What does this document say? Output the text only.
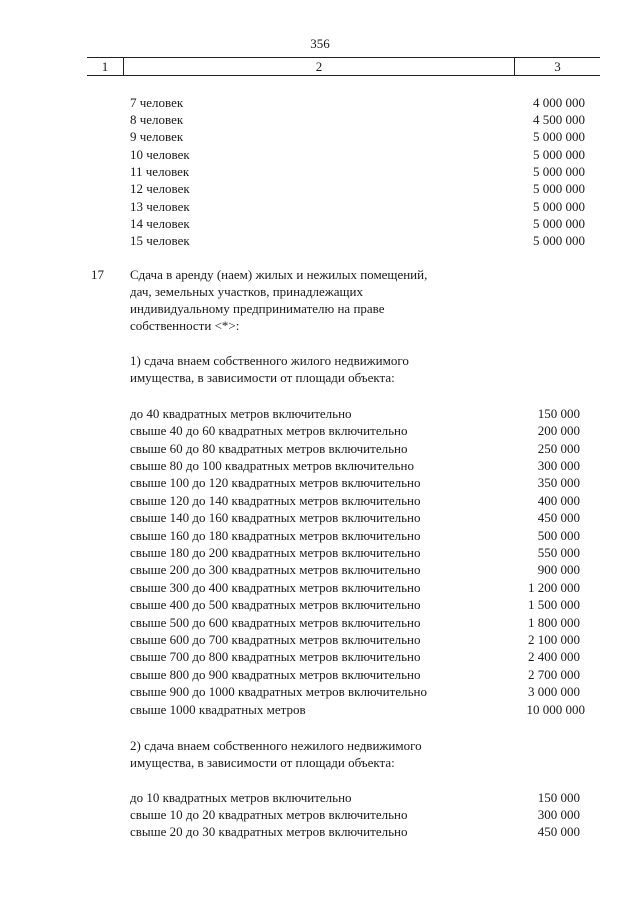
356
1	2	3
7 человек	4 000 000
8 человек	4 500 000
9 человек	5 000 000
10 человек	5 000 000
11 человек	5 000 000
12 человек	5 000 000
13 человек	5 000 000
14 человек	5 000 000
15 человек	5 000 000
17 Сдача в аренду (наем) жилых и нежилых помещений,
дач, земельных участков, принадлежащих
индивидуальному предпринимателю на праве
собственности <*>:
1) сдача внаем собственного жилого недвижимого
имущества, в зависимости от площади объекта:
до 40 квадратных метров включительно	150 000
свыше 40 до 60 квадратных метров включительно	200 000
свыше 60 до 80 квадратных метров включительно	250 000
свыше 80 до 100 квадратных метров включительно	300 000
свыше 100 до 120 квадратных метров включительно	350 000
свыше 120 до 140 квадратных метров включительно	400 000
свыше 140 до 160 квадратных метров включительно	450 000
свыше 160 до 180 квадратных метров включительно	500 000
свыше 180 до 200 квадратных метров включительно	550 000
свыше 200 до 300 квадратных метров включительно	900 000
свыше 300 до 400 квадратных метров включительно	1 200 000
свыше 400 до 500 квадратных метров включительно	1 500 000
свыше 500 до 600 квадратных метров включительно	1 800 000
свыше 600 до 700 квадратных метров включительно	2 100 000
свыше 700 до 800 квадратных метров включительно	2 400 000
свыше 800 до 900 квадратных метров включительно	2 700 000
свыше 900 до 1000 квадратных метров включительно	3 000 000
свыше 1000 квадратных метров	10 000 000
2) сдача внаем собственного нежилого недвижимого
имущества, в зависимости от площади объекта:
до 10 квадратных метров включительно	150 000
свыше 10 до 20 квадратных метров включительно	300 000
свыше 20 до 30 квадратных метров включительно	450 000
